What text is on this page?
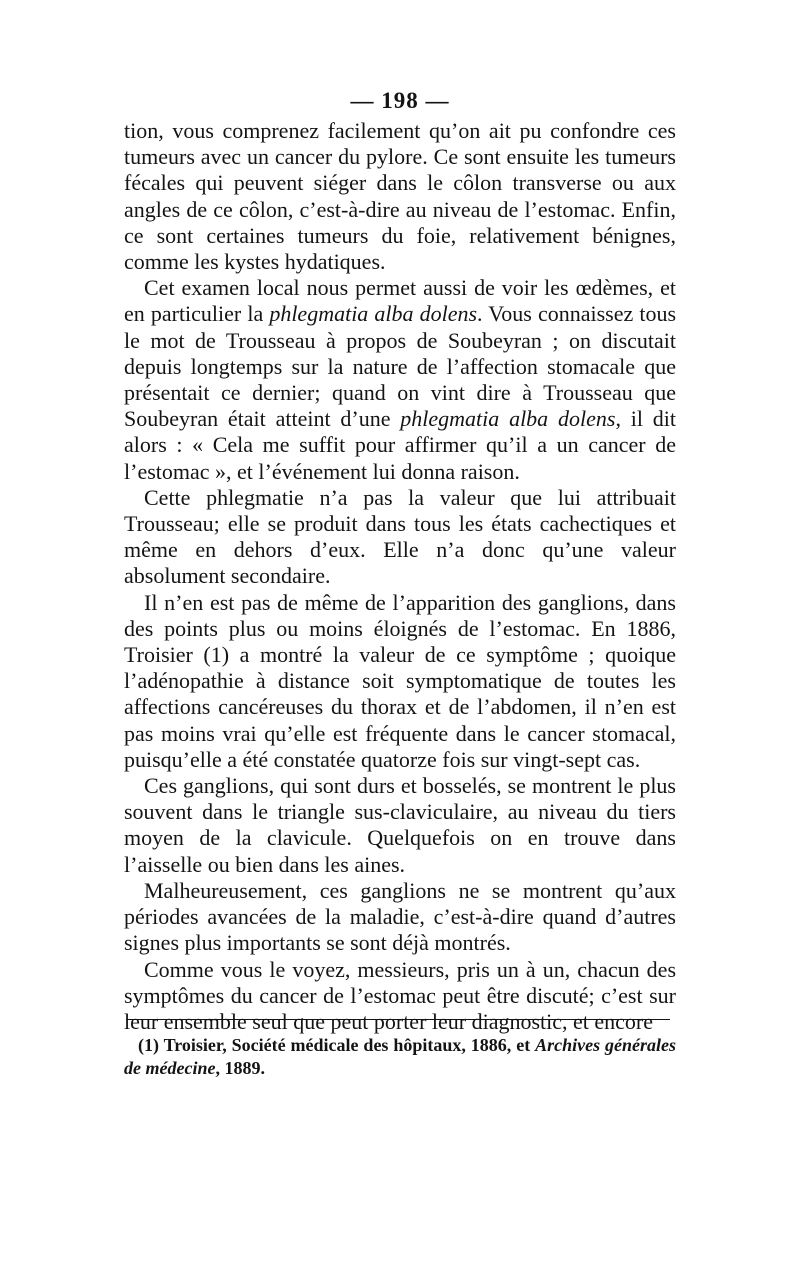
— 198 —

tion, vous comprenez facilement qu’on ait pu confondre ces tumeurs avec un cancer du pylore. Ce sont ensuite les tumeurs fécales qui peuvent siéger dans le côlon transverse ou aux angles de ce côlon, c’est-à-dire au niveau de l’estomac. Enfin, ce sont certaines tumeurs du foie, relativement bénignes, comme les kystes hydatiques.

Cet examen local nous permet aussi de voir les œdèmes, et en particulier la phlegmatia alba dolens. Vous connaissez tous le mot de Trousseau à propos de Soubeyran ; on discutait depuis longtemps sur la nature de l’affection stomacale que présentait ce dernier; quand on vint dire à Trousseau que Soubeyran était atteint d’une phlegmatia alba dolens, il dit alors : « Cela me suffit pour affirmer qu’il a un cancer de l’estomac », et l’événement lui donna raison.

Cette phlegmatie n’a pas la valeur que lui attribuait Trousseau; elle se produit dans tous les états cachectiques et même en dehors d’eux. Elle n’a donc qu’une valeur absolument secondaire.

Il n’en est pas de même de l’apparition des ganglions, dans des points plus ou moins éloignés de l’estomac. En 1886, Troisier (1) a montré la valeur de ce symptôme ; quoique l’adénopathie à distance soit symptomatique de toutes les affections cancéreuses du thorax et de l’abdomen, il n’en est pas moins vrai qu’elle est fréquente dans le cancer stomacal, puisqu’elle a été constatée quatorze fois sur vingt-sept cas.

Ces ganglions, qui sont durs et bosselés, se montrent le plus souvent dans le triangle sus-claviculaire, au niveau du tiers moyen de la clavicule. Quelquefois on en trouve dans l’aisselle ou bien dans les aines.

Malheureusement, ces ganglions ne se montrent qu’aux périodes avancées de la maladie, c’est-à-dire quand d’autres signes plus importants se sont déjà montrés.

Comme vous le voyez, messieurs, pris un à un, chacun des symptômes du cancer de l’estomac peut être discuté; c’est sur leur ensemble seul que peut porter leur diagnostic, et encore

(1) Troisier, Société médicale des hôpitaux, 1886, et Archives générales de médecine, 1889.
